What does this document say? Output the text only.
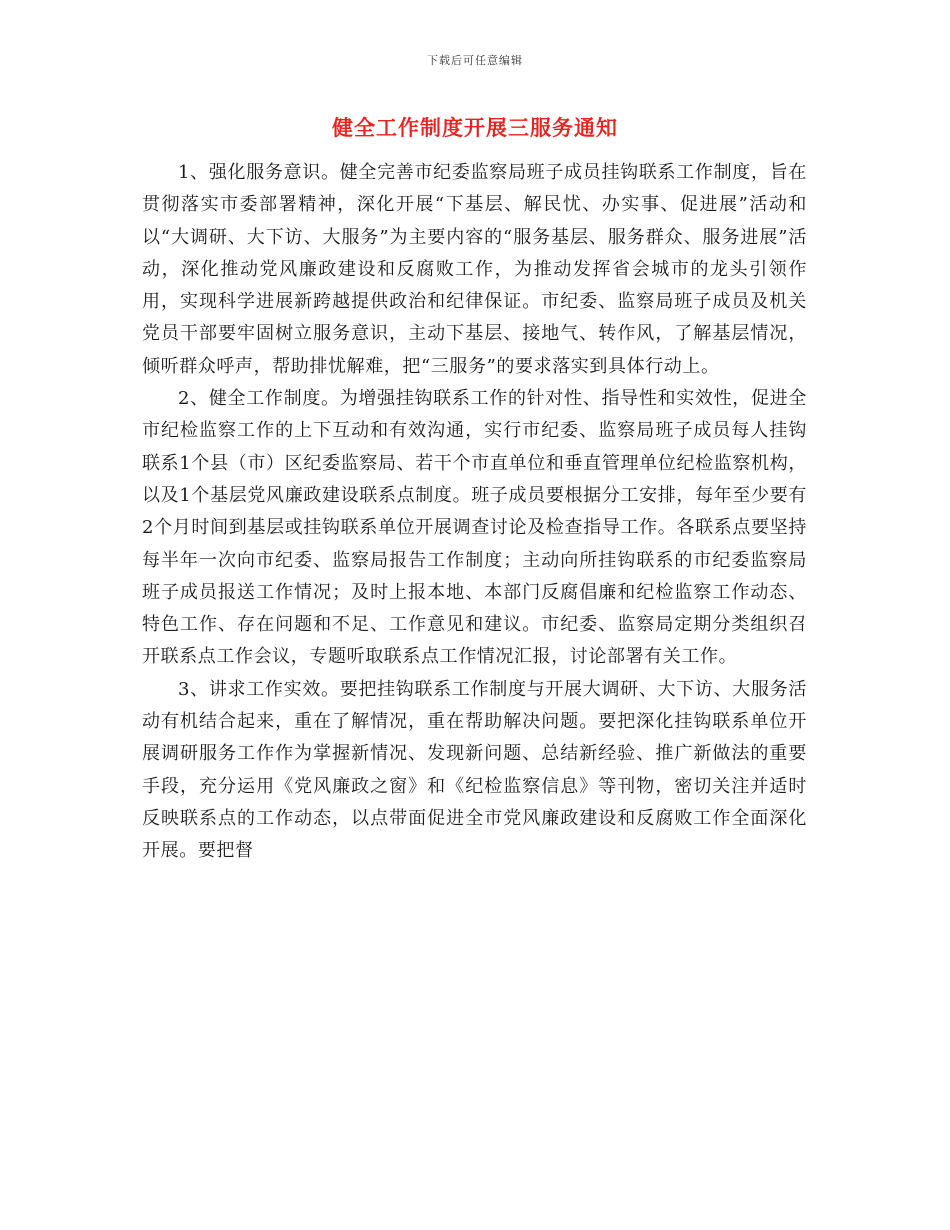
下载后可任意编辑
健全工作制度开展三服务通知

1、强化服务意识。健全完善市纪委监察局班子成员挂钩联系工作制度，旨在贯彻落实市委部署精神，深化开展“下基层、解民忧、办实事、促进展”活动和以“大调研、大下访、大服务”为主要内容的“服务基层、服务群众、服务进展”活动，深化推动党风廉政建设和反腐败工作，为推动发挥省会城市的龙头引领作用，实现科学进展新跨越提供政治和纪律保证。市纪委、监察局班子成员及机关党员干部要牢固树立服务意识，主动下基层、接地气、转作风，了解基层情况，倾听群众呼声，帮助排忧解难，把“三服务”的要求落实到具体行动上。

2、健全工作制度。为增强挂钩联系工作的针对性、指导性和实效性，促进全市纪检监察工作的上下互动和有效沟通，实行市纪委、监察局班子成员每人挂钩联系1个县（市）区纪委监察局、若干个市直单位和垂直管理单位纪检监察机构，以及1个基层党风廉政建设联系点制度。班子成员要根据分工安排，每年至少要有2个月时间到基层或挂钩联系单位开展调查讨论及检查指导工作。各联系点要坚持每半年一次向市纪委、监察局报告工作制度；主动向所挂钩联系的市纪委监察局班子成员报送工作情况；及时上报本地、本部门反腐倡廉和纪检监察工作动态、特色工作、存在问题和不足、工作意见和建议。市纪委、监察局定期分类组织召开联系点工作会议，专题听取联系点工作情况汇报，讨论部署有关工作。

3、讲求工作实效。要把挂钩联系工作制度与开展大调研、大下访、大服务活动有机结合起来，重在了解情况，重在帮助解决问题。要把深化挂钩联系单位开展调研服务工作作为掌握新情况、发现新问题、总结新经验、推广新做法的重要手段，充分运用《党风廉政之窗》和《纪检监察信息》等刊物，密切关注并适时反映联系点的工作动态，以点带面促进全市党风廉政建设和反腐败工作全面深化开展。要把督
